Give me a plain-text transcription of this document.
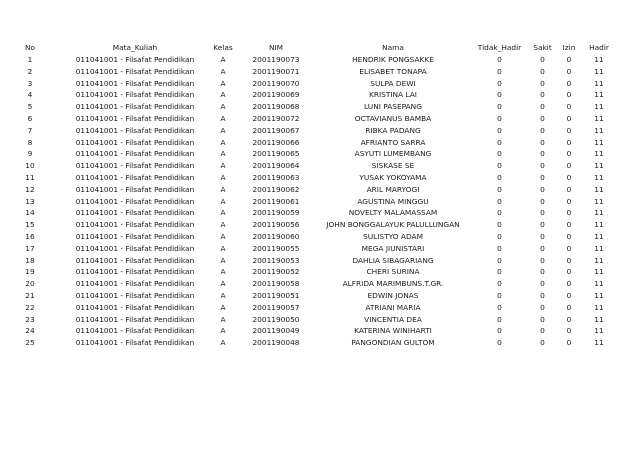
No	Mata_Kuliah	Kelas	NIM	Nama	Tidak_Hadir	Sakit	Izin	Hadir
1	011041001 - Filsafat Pendidikan	A	2001190073	HENDRIK PONGSAKKE	0	0	0	11
2	011041001 - Filsafat Pendidikan	A	2001190071	ELISABET TONAPA	0	0	0	11
3	011041001 - Filsafat Pendidikan	A	2001190070	SULPA DEWI	0	0	0	11
4	011041001 - Filsafat Pendidikan	A	2001190069	KRISTINA LAI	0	0	0	11
5	011041001 - Filsafat Pendidikan	A	2001190068	LUNI PASEPANG	0	0	0	11
6	011041001 - Filsafat Pendidikan	A	2001190072	OCTAVIANUS BAMBA	0	0	0	11
7	011041001 - Filsafat Pendidikan	A	2001190067	RIBKA PADANG	0	0	0	11
8	011041001 - Filsafat Pendidikan	A	2001190066	AFRIANTO SARRA	0	0	0	11
9	011041001 - Filsafat Pendidikan	A	2001190065	ASYUTI LUMEMBANG	0	0	0	11
10	011041001 - Filsafat Pendidikan	A	2001190064	SISKASE SE	0	0	0	11
11	011041001 - Filsafat Pendidikan	A	2001190063	YUSAK YOKOYAMA	0	0	0	11
12	011041001 - Filsafat Pendidikan	A	2001190062	ARIL MARYOGI	0	0	0	11
13	011041001 - Filsafat Pendidikan	A	2001190061	AGUSTINA MINGGU	0	0	0	11
14	011041001 - Filsafat Pendidikan	A	2001190059	NOVELTY MALAMASSAM	0	0	0	11
15	011041001 - Filsafat Pendidikan	A	2001190056	JOHN BONGGALAYUK PALULLUNGAN	0	0	0	11
16	011041001 - Filsafat Pendidikan	A	2001190060	SULISTYO ADAM	0	0	0	11
17	011041001 - Filsafat Pendidikan	A	2001190055	MEGA JIUNISTARI	0	0	0	11
18	011041001 - Filsafat Pendidikan	A	2001190053	DAHLIA SIBAGARIANG	0	0	0	11
19	011041001 - Filsafat Pendidikan	A	2001190052	CHERI SURINA	0	0	0	11
20	011041001 - Filsafat Pendidikan	A	2001190058	ALFRIDA MARIMBUNS.T.GR.	0	0	0	11
21	011041001 - Filsafat Pendidikan	A	2001190051	EDWIN JONAS	0	0	0	11
22	011041001 - Filsafat Pendidikan	A	2001190057	ATRIANI MARIA	0	0	0	11
23	011041001 - Filsafat Pendidikan	A	2001190050	VINCENTIA DEA	0	0	0	11
24	011041001 - Filsafat Pendidikan	A	2001190049	KATERINA WINIHARTI	0	0	0	11
25	011041001 - Filsafat Pendidikan	A	2001190048	PANGONDIAN GULTOM	0	0	0	11
